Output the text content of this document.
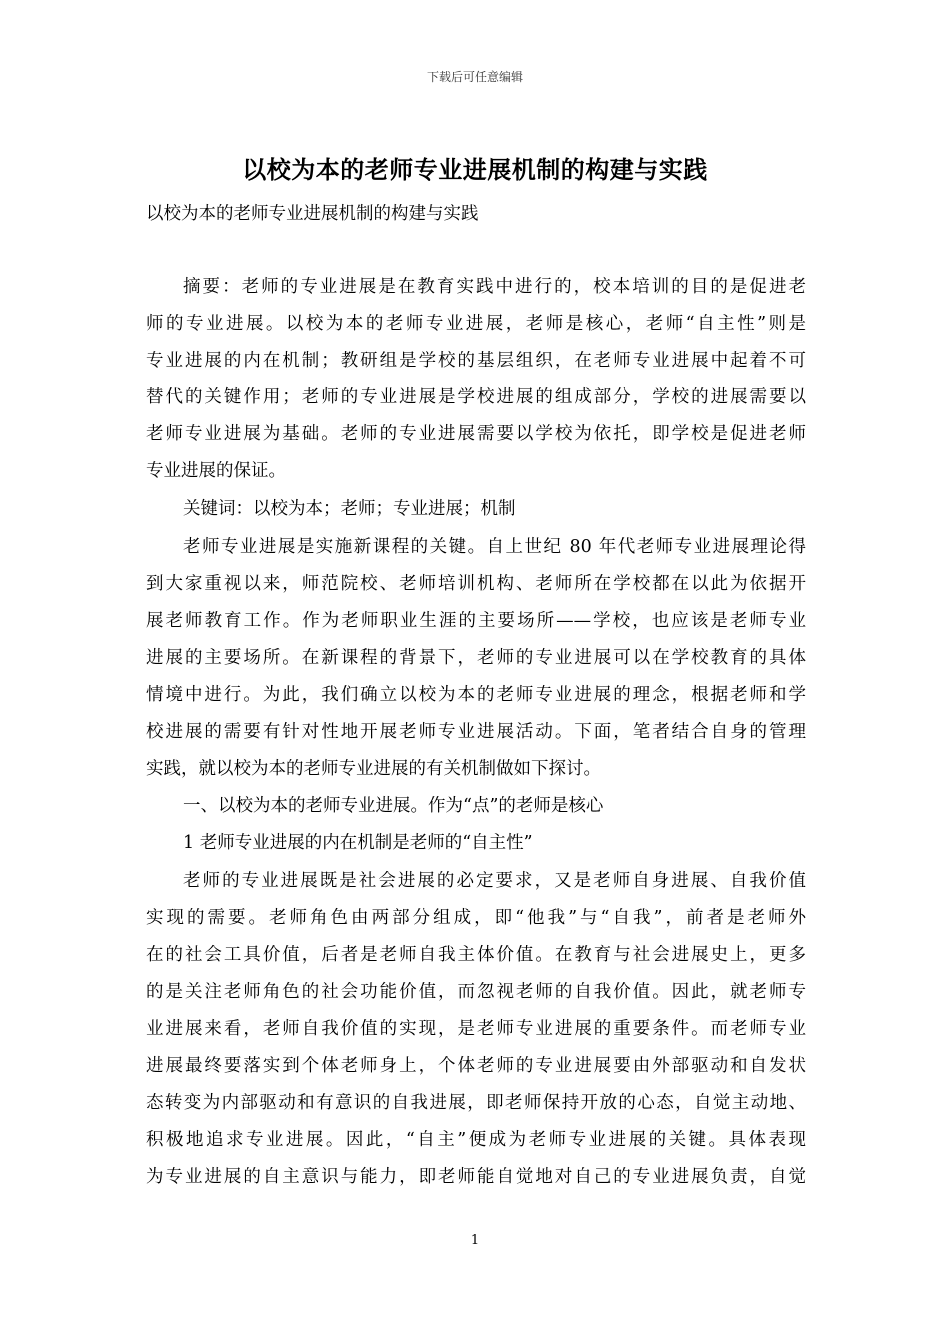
下载后可任意编辑
以校为本的老师专业进展机制的构建与实践
以校为本的老师专业进展机制的构建与实践
摘要：老师的专业进展是在教育实践中进行的，校本培训的目的是促进老
师的专业进展。以校为本的老师专业进展，老师是核心，老师“自主性”则是
专业进展的内在机制；教研组是学校的基层组织，在老师专业进展中起着不可
替代的关键作用；老师的专业进展是学校进展的组成部分，学校的进展需要以
老师专业进展为基础。老师的专业进展需要以学校为依托，即学校是促进老师
专业进展的保证。
关键词：以校为本；老师；专业进展；机制
老师专业进展是实施新课程的关键。自上世纪 80 年代老师专业进展理论得
到大家重视以来，师范院校、老师培训机构、老师所在学校都在以此为依据开
展老师教育工作。作为老师职业生涯的主要场所——学校，也应该是老师专业
进展的主要场所。在新课程的背景下，老师的专业进展可以在学校教育的具体
情境中进行。为此，我们确立以校为本的老师专业进展的理念，根据老师和学
校进展的需要有针对性地开展老师专业进展活动。下面，笔者结合自身的管理
实践，就以校为本的老师专业进展的有关机制做如下探讨。
一、以校为本的老师专业进展。作为“点”的老师是核心
1 老师专业进展的内在机制是老师的“自主性”
老师的专业进展既是社会进展的必定要求，又是老师自身进展、自我价值
实现的需要。老师角色由两部分组成，即“他我”与“自我”，前者是老师外
在的社会工具价值，后者是老师自我主体价值。在教育与社会进展史上，更多
的是关注老师角色的社会功能价值，而忽视老师的自我价值。因此，就老师专
业进展来看，老师自我价值的实现，是老师专业进展的重要条件。而老师专业
进展最终要落实到个体老师身上，个体老师的专业进展要由外部驱动和自发状
态转变为内部驱动和有意识的自我进展，即老师保持开放的心态，自觉主动地、
积极地追求专业进展。因此，“自主”便成为老师专业进展的关键。具体表现
为专业进展的自主意识与能力，即老师能自觉地对自己的专业进展负责，自觉
1
